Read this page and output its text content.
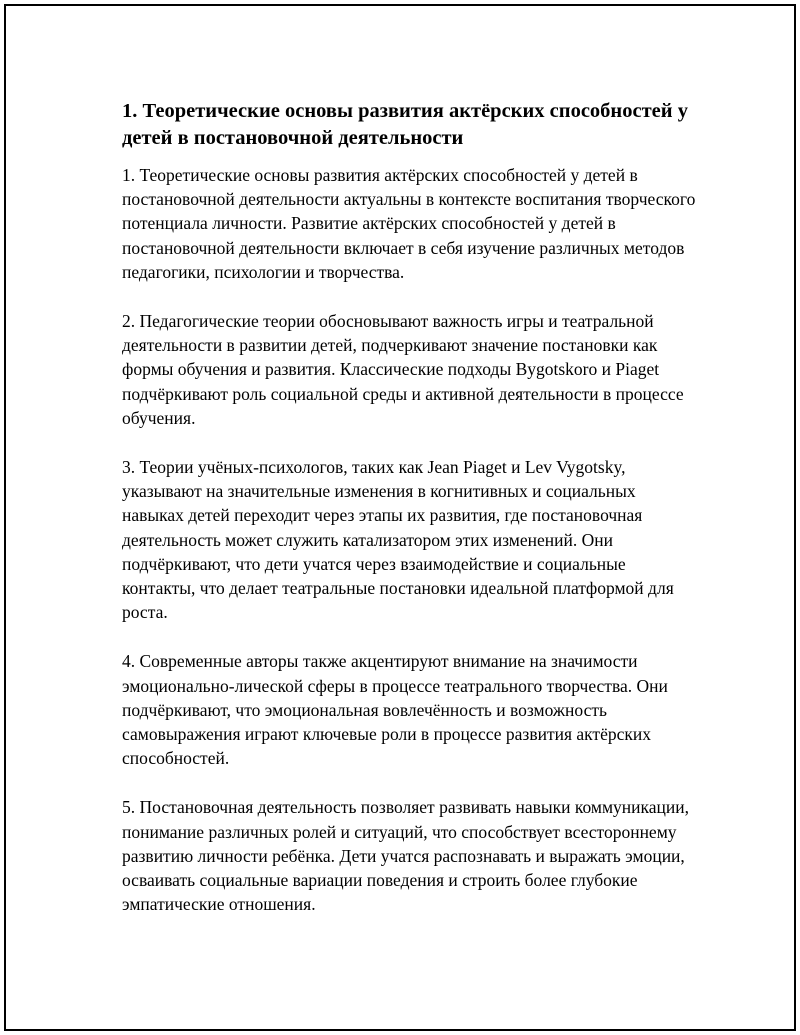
1. Теоретические основы развития актёрских способностей у детей в постановочной деятельности

1. Теоретические основы развития актёрских способностей у детей в постановочной деятельности актуальны в контексте воспитания творческого потенциала личности. Развитие актёрских способностей у детей в постановочной деятельности включает в себя изучение различных методов педагогики, психологии и творчества.

2. Педагогические теории обосновывают важность игры и театральной деятельности в развитии детей, подчеркивают значение постановки как формы обучения и развития. Классические подходы Bygotskoro и Piaget подчёркивают роль социальной среды и активной деятельности в процессе обучения.

3. Теории учёных-психологов, таких как Jean Piaget и Lev Vygotsky, указывают на значительные изменения в когнитивных и социальных навыках детей переходит через этапы их развития, где постановочная деятельность может служить катализатором этих изменений. Они подчёркивают, что дети учатся через взаимодействие и социальные контакты, что делает театральные постановки идеальной платформой для роста.

4. Современные авторы также акцентируют внимание на значимости эмоционально-лической сферы в процессе театрального творчества. Они подчёркивают, что эмоциональная вовлечённость и возможность самовыражения играют ключевые роли в процессе развития актёрских способностей.

5. Постановочная деятельность позволяет развивать навыки коммуникации, понимание различных ролей и ситуаций, что способствует всестороннему развитию личности ребёнка. Дети учатся распознавать и выражать эмоции, осваивать социальные вариации поведения и строить более глубокие эмпатические отношения.
